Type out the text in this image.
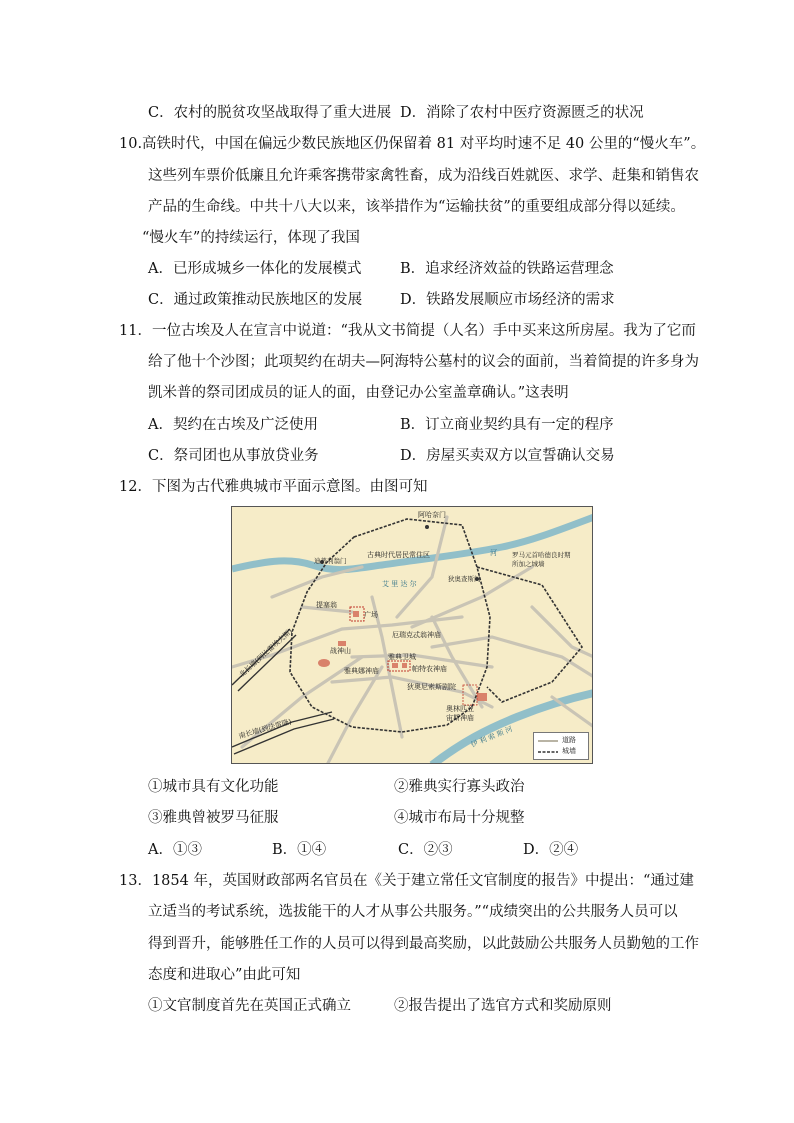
C．农村的脱贫攻坚战取得了重大进展 D．消除了农村中医疗资源匮乏的状况
10.高铁时代，中国在偏远少数民族地区仍保留着 81 对平均时速不足 40 公里的“慢火车”。
这些列车票价低廉且允许乘客携带家禽牲畜，成为沿线百姓就医、求学、赶集和销售农
产品的生命线。中共十八大以来，该举措作为“运输扶贫”的重要组成部分得以延续。
“慢火车”的持续运行，体现了我国
A．已形成城乡一体化的发展模式	B．追求经济效益的铁路运营理念
C．通过政策推动民族地区的发展	D．铁路发展顺应市场经济的需求
11．一位古埃及人在宣言中说道：“我从文书简提（人名）手中买来这所房屋。我为了它而
给了他十个沙图；此项契约在胡夫—阿海特公墓村的议会的面前，当着简提的许多身为
凯米普的祭司团成员的证人的面，由登记办公室盖章确认。”这表明
A．契约在古埃及广泛使用	B．订立商业契约具有一定的程序
C．祭司团也从事放贷业务	D．房屋买卖双方以宣誓确认交易
12．下图为古代雅典城市平面示意图。由图可知
阿哈奈门
古典时代居民常住区
迪普利翁门
艾 里 达 尔
河 罗马元首哈德良时期所加之城墙
狄奥查斯门
提塞翁
广场
厄瑞克忒翁神庙
战神山
雅典卫城
雅典娜神庙	帕特农神庙
狄奥尼索斯剧院
奥林匹亚宙斯神庙
伊 利 索 斯 河
北长墙(到比雷埃夫斯)
南长墙(到法雷隆)	道路
城墙
①城市具有文化功能	②雅典实行寡头政治
③雅典曾被罗马征服	④城市布局十分规整
A．①③	B．①④	C．②③	D．②④
13．1854 年，英国财政部两名官员在《关于建立常任文官制度的报告》中提出：“通过建
立适当的考试系统，选拔能干的人才从事公共服务。”“成绩突出的公共服务人员可以
得到晋升，能够胜任工作的人员可以得到最高奖励，以此鼓励公共服务人员勤勉的工作
态度和进取心”由此可知
①文官制度首先在英国正式确立	②报告提出了选官方式和奖励原则
